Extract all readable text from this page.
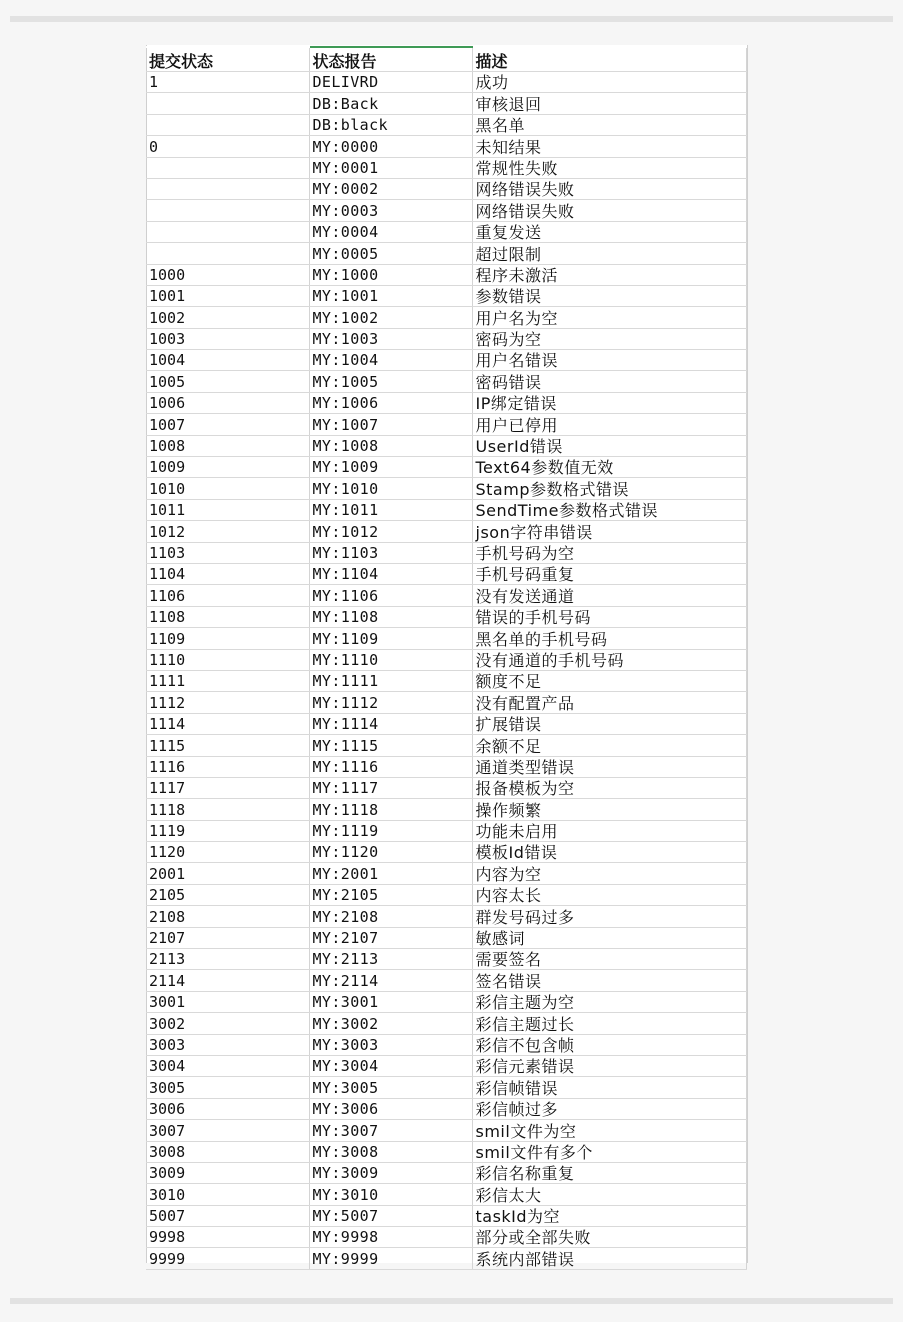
提交状态	状态报告	描述
1	DELIVRD	成功
	DB:Back	审核退回
	DB:black	黑名单
0	MY:0000	未知结果
	MY:0001	常规性失败
	MY:0002	网络错误失败
	MY:0003	网络错误失败
	MY:0004	重复发送
	MY:0005	超过限制
1000	MY:1000	程序未激活
1001	MY:1001	参数错误
1002	MY:1002	用户名为空
1003	MY:1003	密码为空
1004	MY:1004	用户名错误
1005	MY:1005	密码错误
1006	MY:1006	IP绑定错误
1007	MY:1007	用户已停用
1008	MY:1008	UserId错误
1009	MY:1009	Text64参数值无效
1010	MY:1010	Stamp参数格式错误
1011	MY:1011	SendTime参数格式错误
1012	MY:1012	json字符串错误
1103	MY:1103	手机号码为空
1104	MY:1104	手机号码重复
1106	MY:1106	没有发送通道
1108	MY:1108	错误的手机号码
1109	MY:1109	黑名单的手机号码
1110	MY:1110	没有通道的手机号码
1111	MY:1111	额度不足
1112	MY:1112	没有配置产品
1114	MY:1114	扩展错误
1115	MY:1115	余额不足
1116	MY:1116	通道类型错误
1117	MY:1117	报备模板为空
1118	MY:1118	操作频繁
1119	MY:1119	功能未启用
1120	MY:1120	模板Id错误
2001	MY:2001	内容为空
2105	MY:2105	内容太长
2108	MY:2108	群发号码过多
2107	MY:2107	敏感词
2113	MY:2113	需要签名
2114	MY:2114	签名错误
3001	MY:3001	彩信主题为空
3002	MY:3002	彩信主题过长
3003	MY:3003	彩信不包含帧
3004	MY:3004	彩信元素错误
3005	MY:3005	彩信帧错误
3006	MY:3006	彩信帧过多
3007	MY:3007	smil文件为空
3008	MY:3008	smil文件有多个
3009	MY:3009	彩信名称重复
3010	MY:3010	彩信太大
5007	MY:5007	taskId为空
9998	MY:9998	部分或全部失败
9999	MY:9999	系统内部错误
